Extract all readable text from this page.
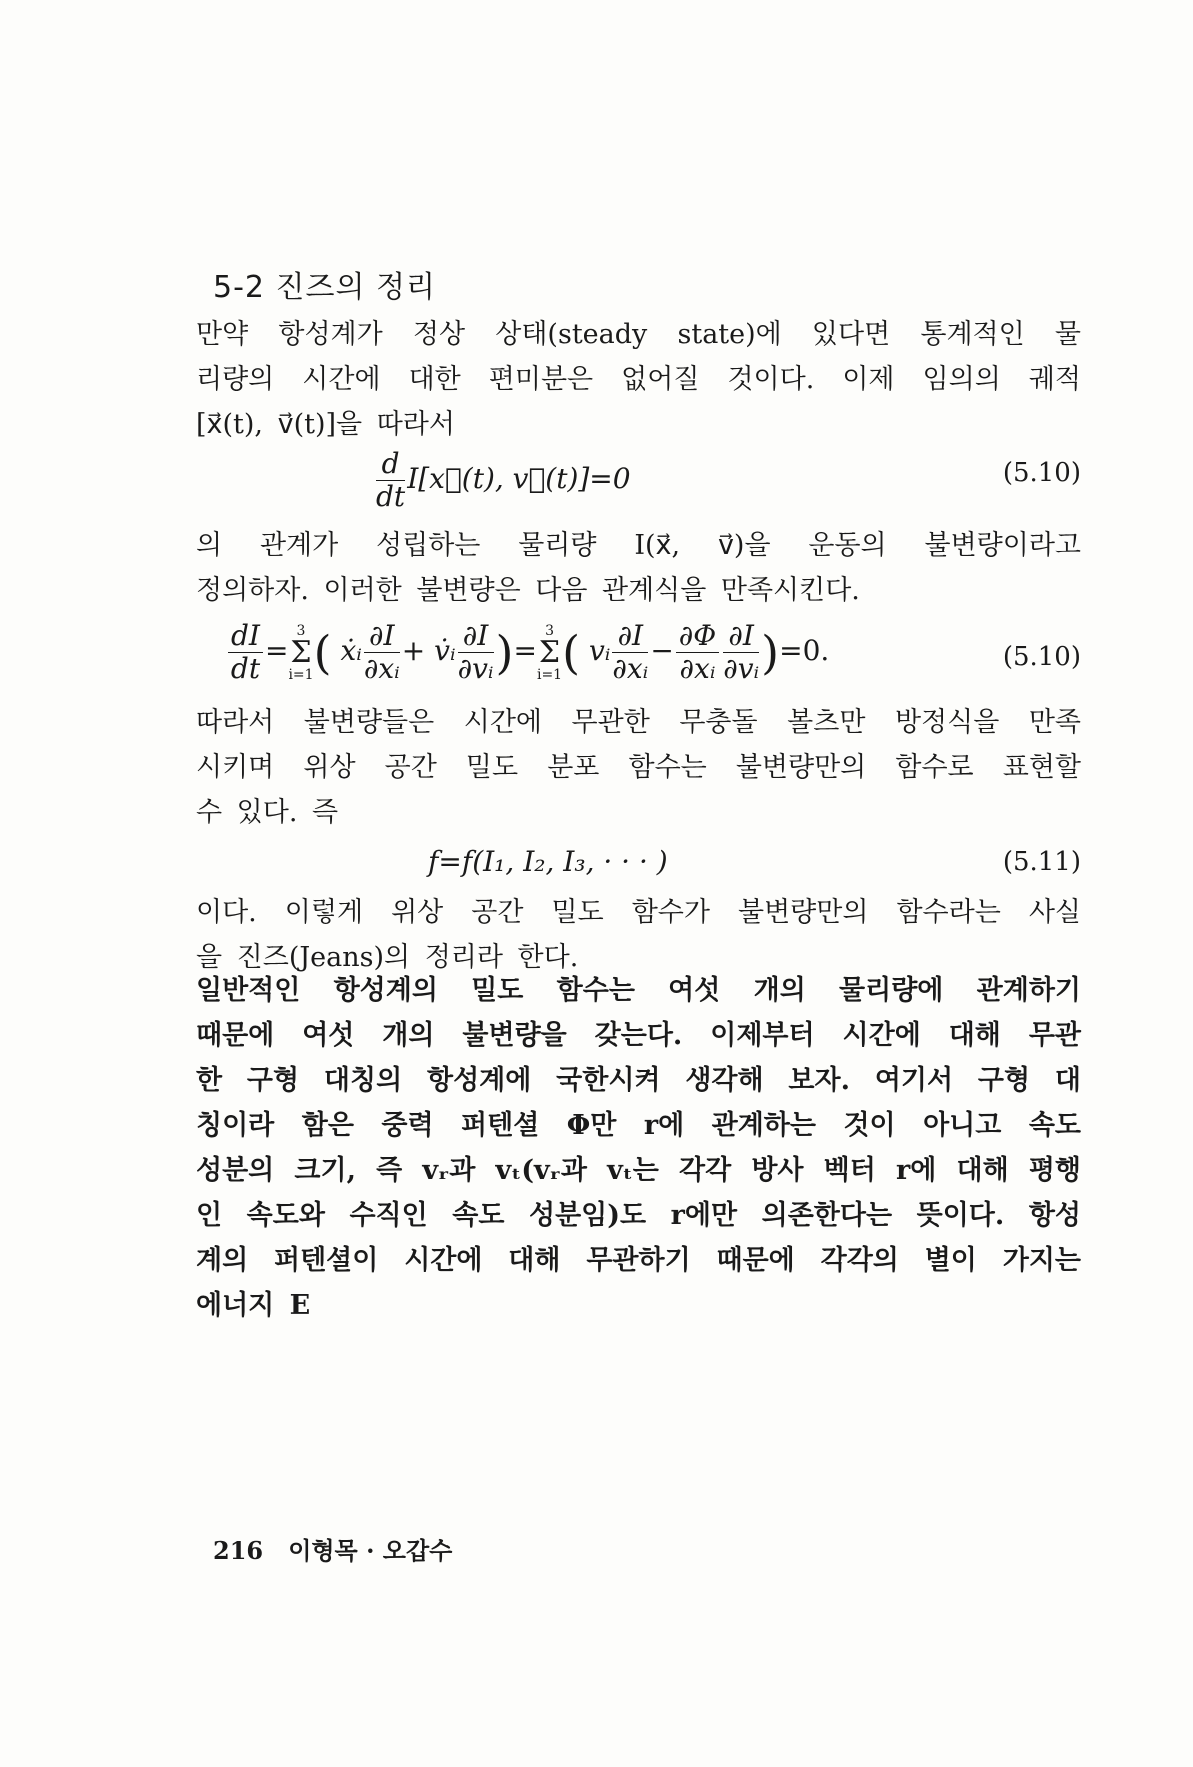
5-2 진즈의 정리
만약 항성계가 정상 상태(steady state)에 있다면 통계적인 물
리량의 시간에 대한 편미분은 없어질 것이다. 이제 임의의 궤적
[x⃗(t), v⃗(t)]을 따라서
$\frac{d}{dt}$ I[x⃗(t), v⃗(t)]=0	(5.10)
의 관계가 성립하는 물리량 I(x⃗, v⃗)을 운동의 불변량이라고
정의하자. 이러한 불변량은 다음 관계식을 만족시킨다.
$\frac{dI}{dt} =3$
Σ
i=1( ẋᵢ $\frac{\partial I}{\text{∂xᵢ}}$ + v̇ᵢ $\frac{\partial I}{\text{∂vᵢ}} )=3$
Σ
i=1( vᵢ $\frac{\partial I}{\text{∂xᵢ}} - \frac{\partial\Phi}{\text{∂xᵢ}} \frac{\partial I}{\text{∂vᵢ}} )=0$.	(5.10)
따라서 불변량들은 시간에 무관한 무충돌 볼츠만 방정식을 만족
시키며 위상 공간 밀도 분포 함수는 불변량만의 함수로 표현할
수 있다. 즉
f=f(I₁, I₂, I₃, · · · )	(5.11)
이다. 이렇게 위상 공간 밀도 함수가 불변량만의 함수라는 사실
을 진즈(Jeans)의 정리라 한다.
일반적인 항성계의 밀도 함수는 여섯 개의 물리량에 관계하기
때문에 여섯 개의 불변량을 갖는다. 이제부터 시간에 대해 무관
한 구형 대칭의 항성계에 국한시켜 생각해 보자. 여기서 구형 대
칭이라 함은 중력 퍼텐셜 Φ만 r에 관계하는 것이 아니고 속도
성분의 크기, 즉 vᵣ과 vₜ(vᵣ과 vₜ는 각각 방사 벡터 r에 대해 평행
인 속도와 수직인 속도 성분임)도 r에만 의존한다는 뜻이다. 항성
계의 퍼텐셜이 시간에 대해 무관하기 때문에 각각의 별이 가지는
에너지 E
216 이형목 · 오갑수
